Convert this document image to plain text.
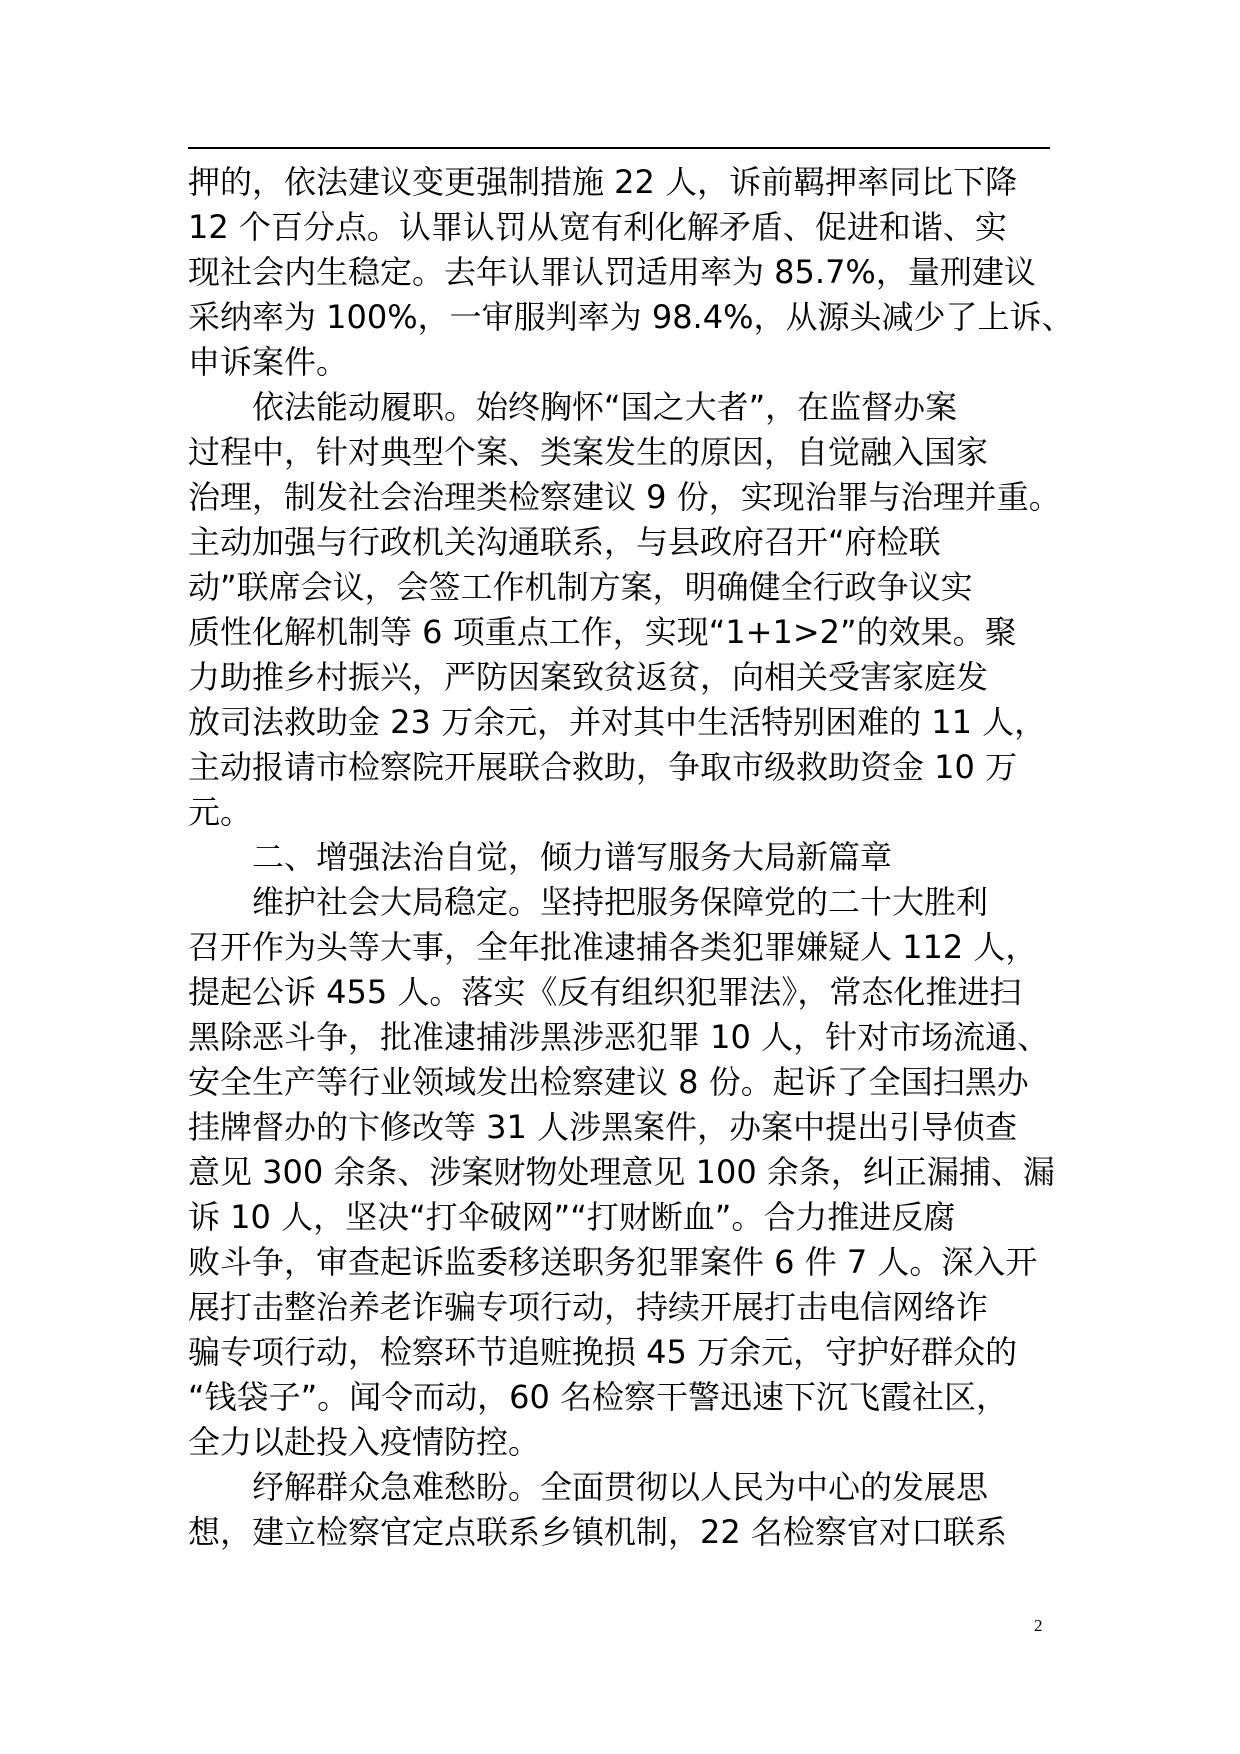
押的，依法建议变更强制措施 22 人，诉前羁押率同比下降
12 个百分点。认罪认罚从宽有利化解矛盾、促进和谐、实
现社会内生稳定。去年认罪认罚适用率为 85.7%，量刑建议
采纳率为 100%，一审服判率为 98.4%，从源头减少了上诉、
申诉案件。
依法能动履职。始终胸怀“国之大者”，在监督办案
过程中，针对典型个案、类案发生的原因，自觉融入国家
治理，制发社会治理类检察建议 9 份，实现治罪与治理并重。
主动加强与行政机关沟通联系，与县政府召开“府检联
动”联席会议，会签工作机制方案，明确健全行政争议实
质性化解机制等 6 项重点工作，实现“1+1>2”的效果。聚
力助推乡村振兴，严防因案致贫返贫，向相关受害家庭发
放司法救助金 23 万余元，并对其中生活特别困难的 11 人，
主动报请市检察院开展联合救助，争取市级救助资金 10 万
元。
二、增强法治自觉，倾力谱写服务大局新篇章
维护社会大局稳定。坚持把服务保障党的二十大胜利
召开作为头等大事，全年批准逮捕各类犯罪嫌疑人 112 人，
提起公诉 455 人。落实《反有组织犯罪法》，常态化推进扫
黑除恶斗争，批准逮捕涉黑涉恶犯罪 10 人，针对市场流通、
安全生产等行业领域发出检察建议 8 份。起诉了全国扫黑办
挂牌督办的卞修改等 31 人涉黑案件，办案中提出引导侦查
意见 300 余条、涉案财物处理意见 100 余条，纠正漏捕、漏
诉 10 人，坚决“打伞破网”“打财断血”。合力推进反腐
败斗争，审查起诉监委移送职务犯罪案件 6 件 7 人。深入开
展打击整治养老诈骗专项行动，持续开展打击电信网络诈
骗专项行动，检察环节追赃挽损 45 万余元，守护好群众的
“钱袋子”。闻令而动，60 名检察干警迅速下沉飞霞社区，
全力以赴投入疫情防控。
纾解群众急难愁盼。全面贯彻以人民为中心的发展思
想，建立检察官定点联系乡镇机制，22 名检察官对口联系
2
